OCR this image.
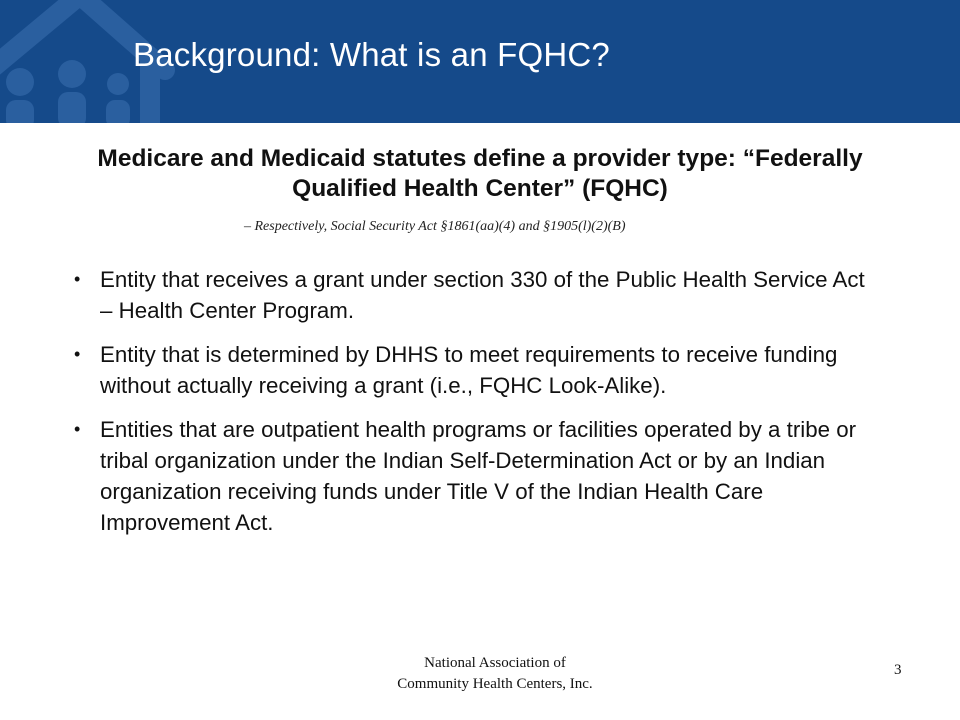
Background: What is an FQHC?

Medicare and Medicaid statutes define a provider type: “Federally Qualified Health Center” (FQHC)

– Respectively, Social Security Act §1861(aa)(4) and §1905(l)(2)(B)
• Entity that receives a grant under section 330 of the Public Health Service Act – Health Center Program.
• Entity that is determined by DHHS to meet requirements to receive funding without actually receiving a grant (i.e., FQHC Look-Alike).
• Entities that are outpatient health programs or facilities operated by a tribe or tribal organization under the Indian Self-Determination Act or by an Indian organization receiving funds under Title V of the Indian Health Care Improvement Act.
National Association of Community Health Centers, Inc.
3
